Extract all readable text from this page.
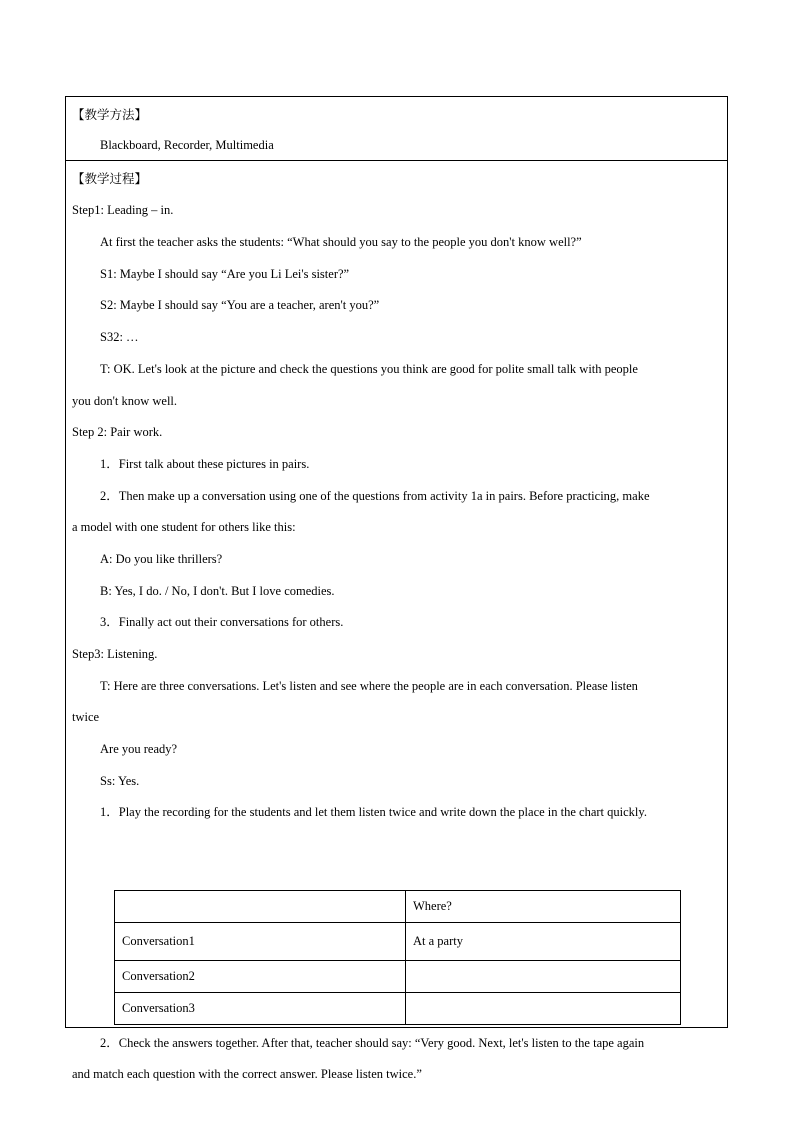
【教学方法】
Blackboard, Recorder, Multimedia
【教学过程】
Step1: Leading – in.
At first the teacher asks the students: “What should you say to the people you don't know well?”
S1: Maybe I should say “Are you Li Lei's sister?”
S2: Maybe I should say “You are a teacher, aren't you?”
S32: …
T: OK. Let's look at the picture and check the questions you think are good for polite small talk with people
you don't know well.
Step 2: Pair work.
1．First talk about these pictures in pairs.
2．Then make up a conversation using one of the questions from activity 1a in pairs. Before practicing, make
a model with one student for others like this:
A: Do you like thrillers?
B: Yes, I do. / No, I don't. But I love comedies.
3．Finally act out their conversations for others.
Step3: Listening.
T: Here are three conversations. Let's listen and see where the people are in each conversation. Please listen
twice
Are you ready?
Ss: Yes.
1．Play the recording for the students and let them listen twice and write down the place in the chart quickly.
	Where?
Conversation1	At a party
Conversation2	
Conversation3	
2．Check the answers together. After that, teacher should say: “Very good. Next, let's listen to the tape again
and match each question with the correct answer. Please listen twice.”
